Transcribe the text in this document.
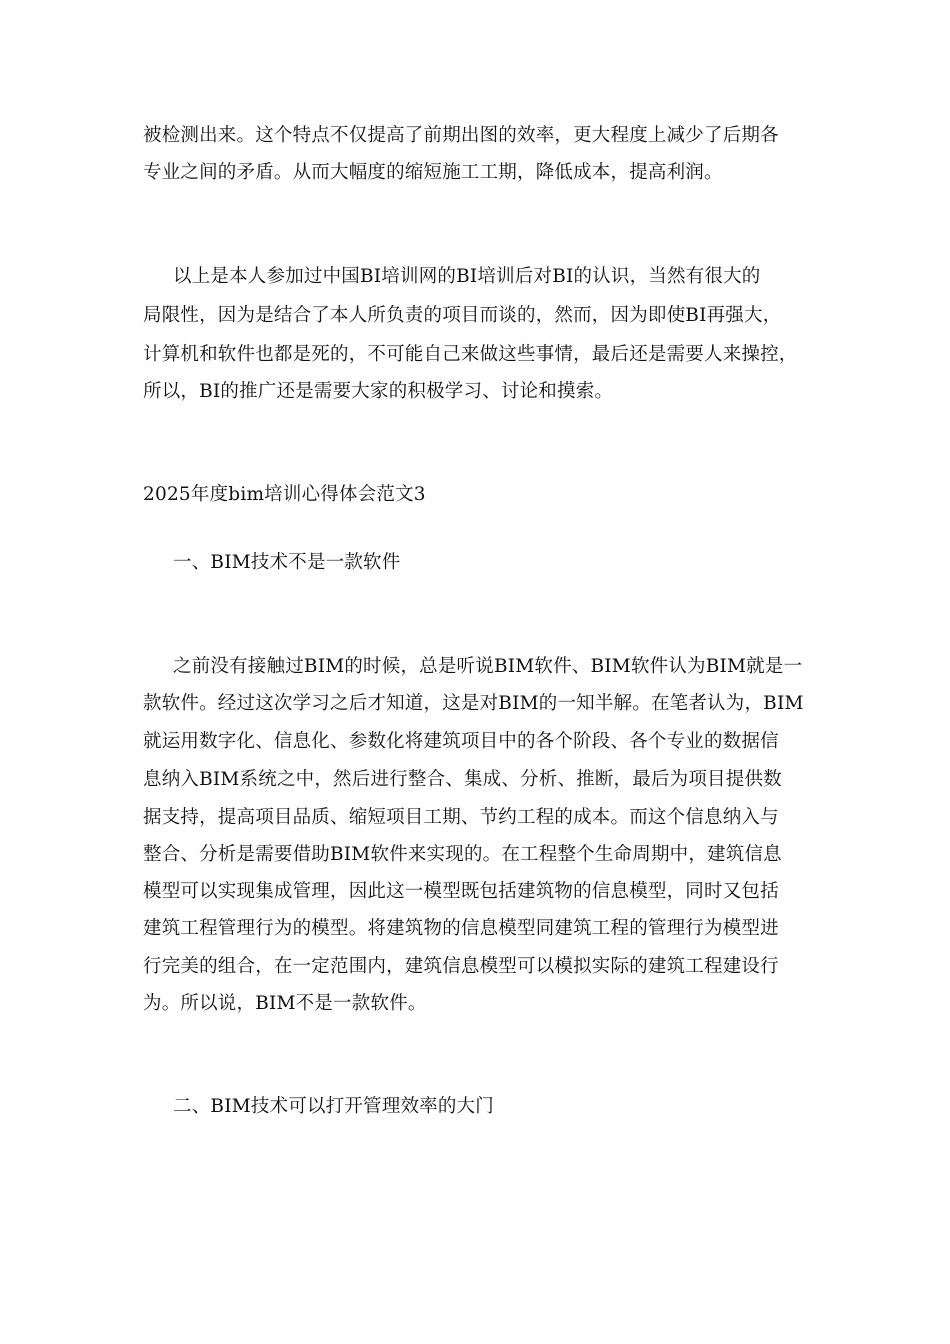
被检测出来。这个特点不仅提高了前期出图的效率，更大程度上减少了后期各
专业之间的矛盾。从而大幅度的缩短施工工期，降低成本，提高利润。
以上是本人参加过中国BI培训网的BI培训后对BI的认识，当然有很大的
局限性，因为是结合了本人所负责的项目而谈的，然而，因为即使BI再强大，
计算机和软件也都是死的，不可能自己来做这些事情，最后还是需要人来操控，
所以，BI的推广还是需要大家的积极学习、讨论和摸索。
2025年度bim培训心得体会范文3
一、BIM技术不是一款软件
之前没有接触过BIM的时候，总是听说BIM软件、BIM软件认为BIM就是一
款软件。经过这次学习之后才知道，这是对BIM的一知半解。在笔者认为，BIM
就运用数字化、信息化、参数化将建筑项目中的各个阶段、各个专业的数据信
息纳入BIM系统之中，然后进行整合、集成、分析、推断，最后为项目提供数
据支持，提高项目品质、缩短项目工期、节约工程的成本。而这个信息纳入与
整合、分析是需要借助BIM软件来实现的。在工程整个生命周期中，建筑信息
模型可以实现集成管理，因此这一模型既包括建筑物的信息模型，同时又包括
建筑工程管理行为的模型。将建筑物的信息模型同建筑工程的管理行为模型进
行完美的组合，在一定范围内，建筑信息模型可以模拟实际的建筑工程建设行
为。所以说，BIM不是一款软件。
二、BIM技术可以打开管理效率的大门
